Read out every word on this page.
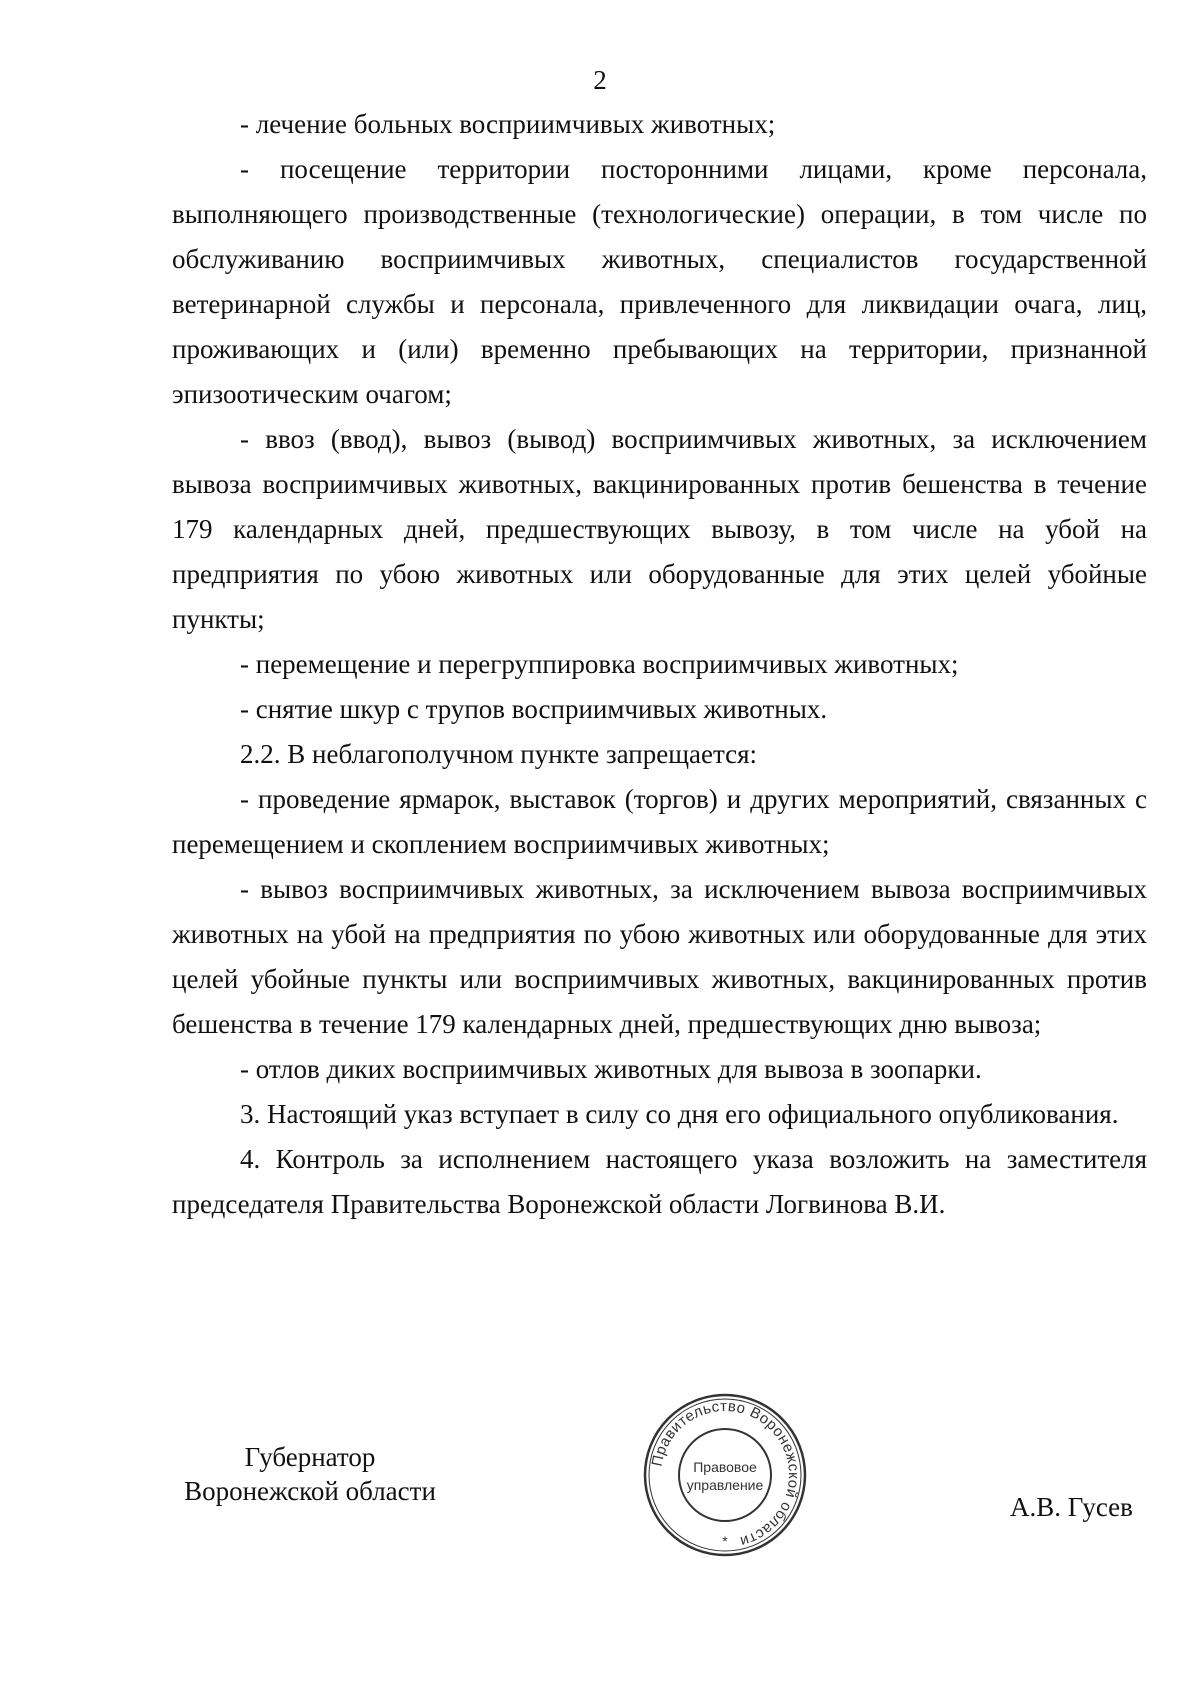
2

- лечение больных восприимчивых животных;

- посещение территории посторонними лицами, кроме персонала, выполняющего производственные (технологические) операции, в том числе по обслуживанию восприимчивых животных, специалистов государственной ветеринарной службы и персонала, привлеченного для ликвидации очага, лиц, проживающих и (или) временно пребывающих на территории, признанной эпизоотическим очагом;

- ввоз (ввод), вывоз (вывод) восприимчивых животных, за исключением вывоза восприимчивых животных, вакцинированных против бешенства в течение 179 календарных дней, предшествующих вывозу, в том числе на убой на предприятия по убою животных или оборудованные для этих целей убойные пункты;

- перемещение и перегруппировка восприимчивых животных;

- снятие шкур с трупов восприимчивых животных.

2.2. В неблагополучном пункте запрещается:

- проведение ярмарок, выставок (торгов) и других мероприятий, связанных с перемещением и скоплением восприимчивых животных;

- вывоз восприимчивых животных, за исключением вывоза восприимчивых животных на убой на предприятия по убою животных или оборудованные для этих целей убойные пункты или восприимчивых животных, вакцинированных против бешенства в течение 179 календарных дней, предшествующих дню вывоза;

- отлов диких восприимчивых животных для вывоза в зоопарки.

3. Настоящий указ вступает в силу со дня его официального опубликования.

4. Контроль за исполнением настоящего указа возложить на заместителя председателя Правительства Воронежской области Логвинова В.И.

Губернатор
Воронежской области
А.В. Гусев
Правительство Воронежской области
Правовое
управление
*
